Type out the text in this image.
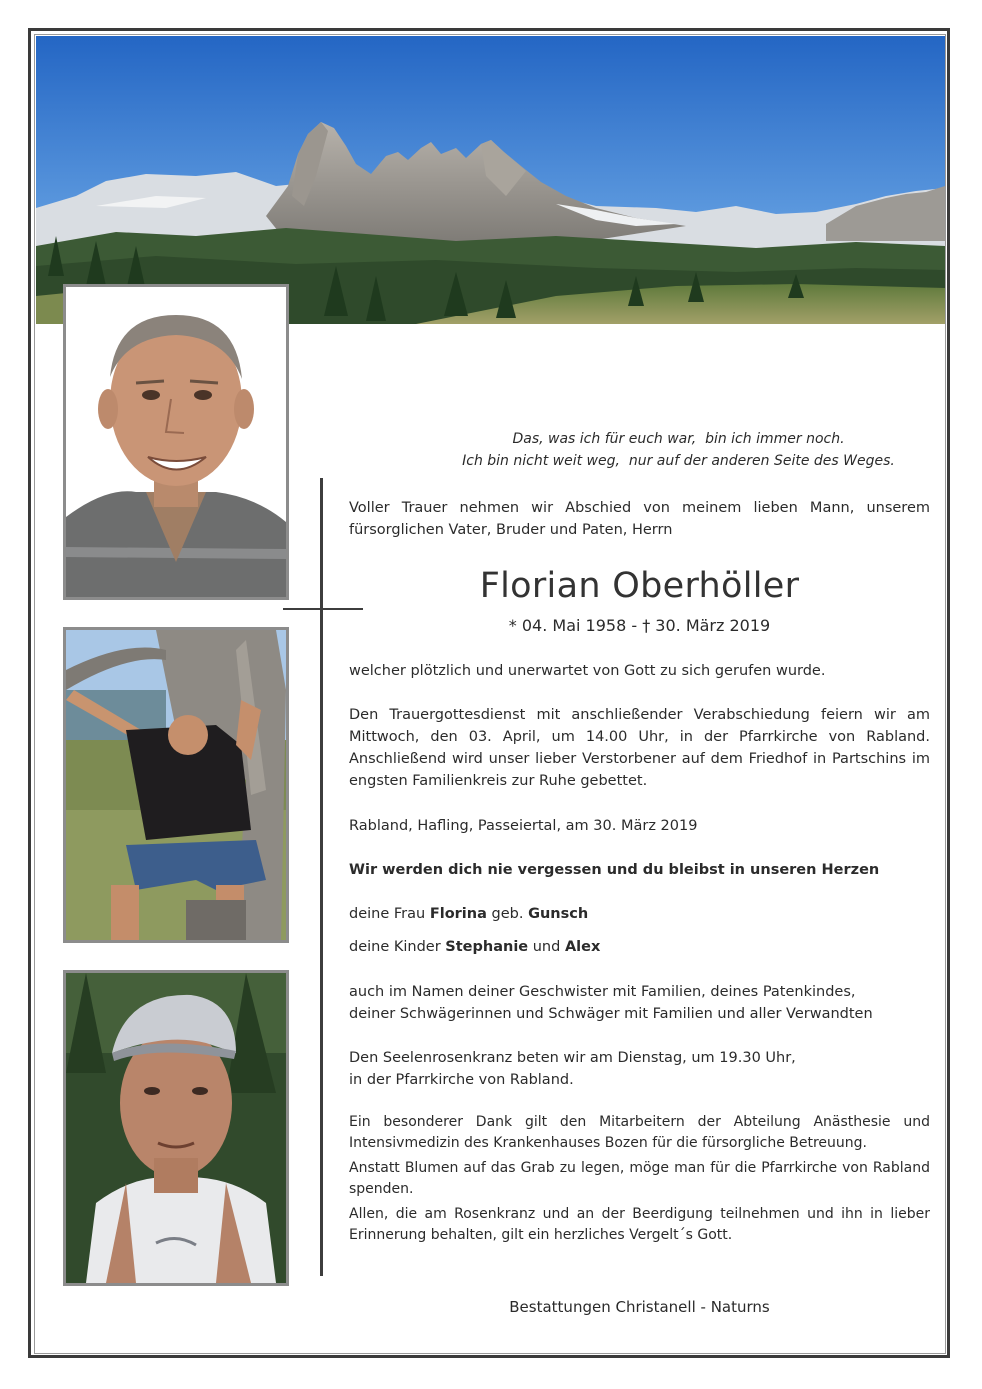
Das, was ich für euch war,  bin ich immer noch.
Ich bin nicht weit weg,  nur auf der anderen Seite des Weges.
Voller Trauer nehmen wir Abschied von meinem lieben Mann, unserem fürsorglichen Vater, Bruder und Paten, Herrn
Florian Oberhöller
* 04. Mai 1958 - † 30. März 2019
welcher plötzlich und unerwartet von Gott zu sich gerufen wurde.
Den Trauergottesdienst mit anschließender Verabschiedung feiern wir am Mittwoch, den 03. April, um 14.00 Uhr, in der Pfarrkirche von Rabland. Anschließend wird unser lieber Verstorbener auf dem Friedhof in Partschins im engsten Familienkreis zur Ruhe gebettet.
Rabland, Hafling, Passeiertal, am 30. März 2019
Wir werden dich nie vergessen und du bleibst in unseren Herzen
deine Frau Florina geb. Gunsch
deine Kinder Stephanie und Alex
auch im Namen deiner Geschwister mit Familien, deines Patenkindes,
deiner Schwägerinnen und Schwäger mit Familien und aller Verwandten
Den Seelenrosenkranz beten wir am Dienstag, um 19.30 Uhr,
in der Pfarrkirche von Rabland.
Ein besonderer Dank gilt den Mitarbeitern der Abteilung Anästhesie und Intensivmedizin des Krankenhauses Bozen für die fürsorgliche Betreuung.
Anstatt Blumen auf das Grab zu legen, möge man für die Pfarrkirche von Rabland spenden.
Allen, die am Rosenkranz und an der Beerdigung teilnehmen und ihn in lieber Erinnerung behalten, gilt ein herzliches Vergelt´s Gott.
Bestattungen Christanell - Naturns
